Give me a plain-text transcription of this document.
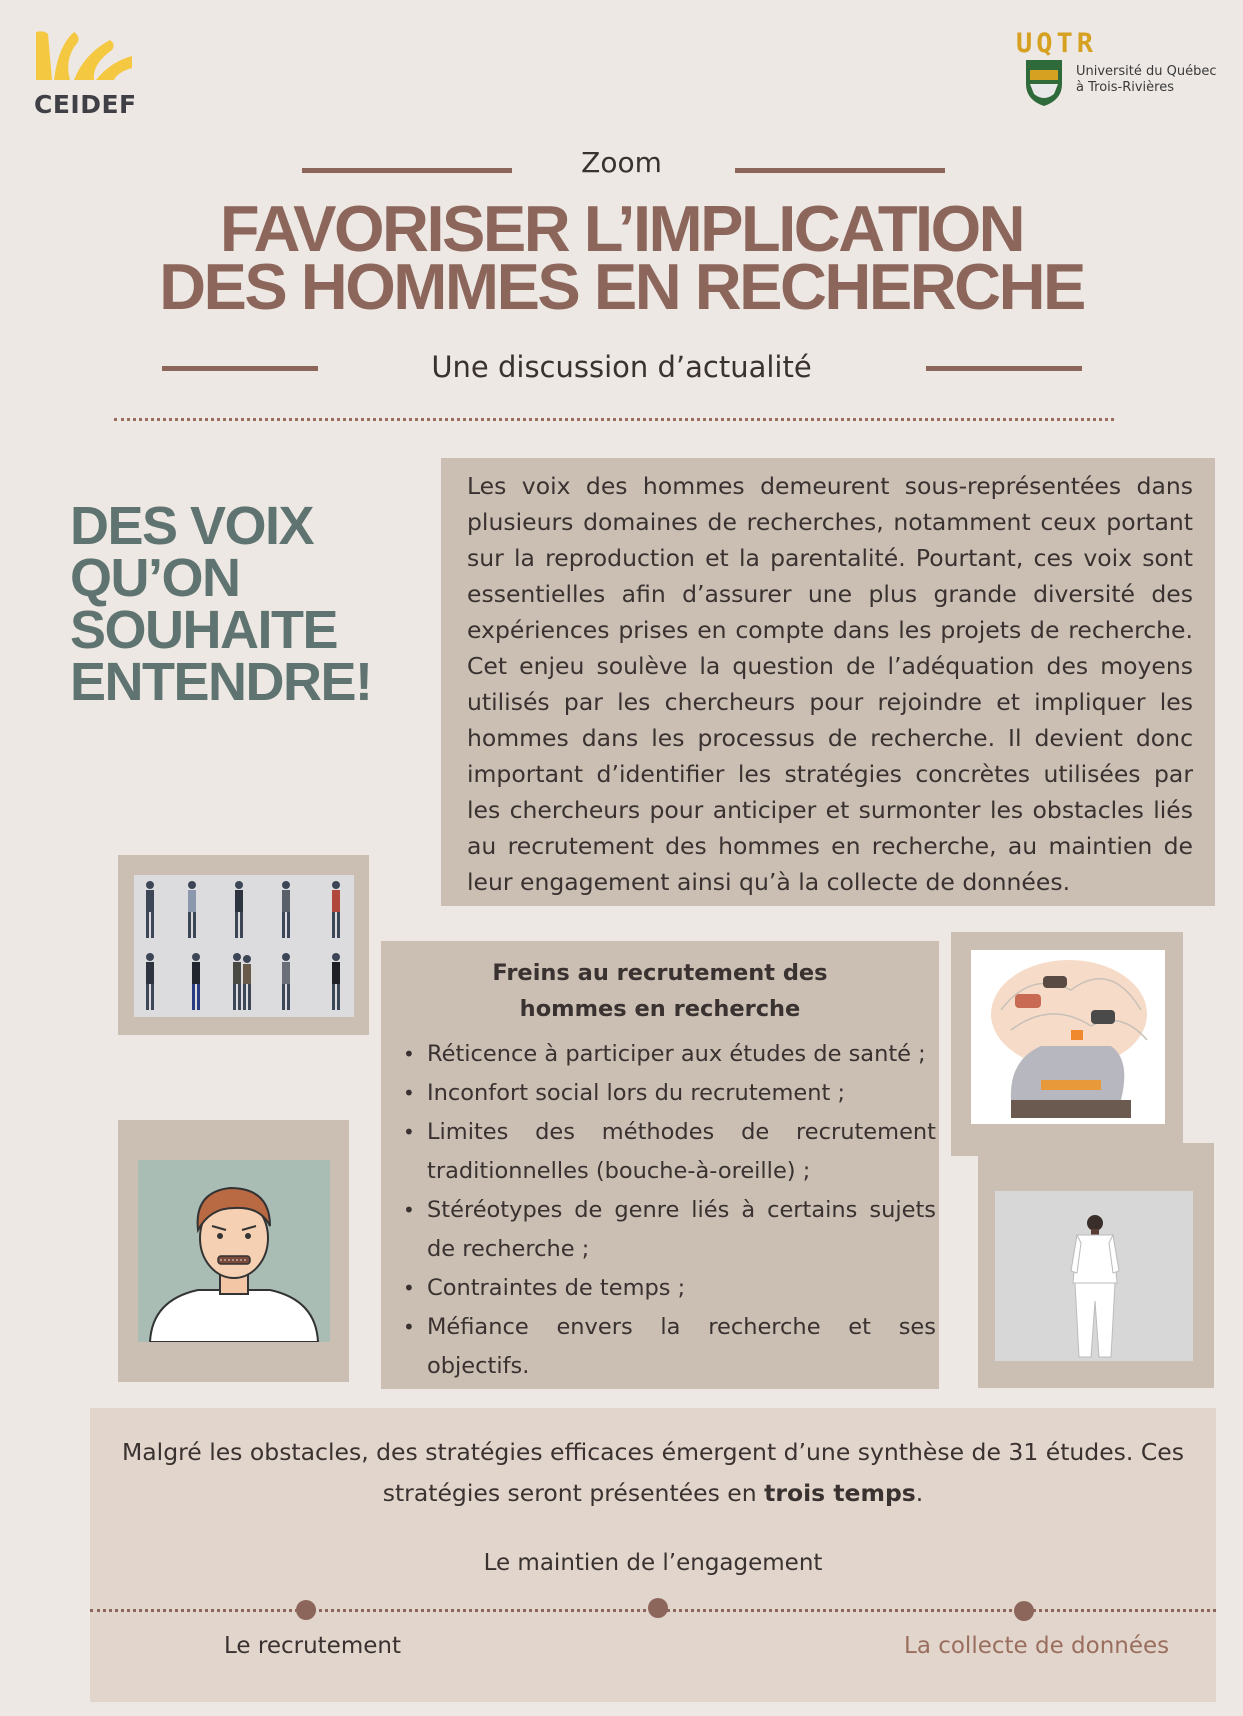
CEIDEF
UQTR
Université du Québec
à Trois-Rivières
Zoom
FAVORISER L’IMPLICATION
DES HOMMES EN RECHERCHE
Une discussion d’actualité
DES VOIX
QU’ON
SOUHAITE
ENTENDRE!

Les voix des hommes demeurent sous-représentées dans plusieurs domaines de recherches, notamment ceux portant sur la reproduction et la parentalité. Pourtant, ces voix sont essentielles afin d’assurer une plus grande diversité des expériences prises en compte dans les projets de recherche. Cet enjeu soulève la question de l’adéquation des moyens utilisés par les chercheurs pour rejoindre et impliquer les hommes dans les processus de recherche. Il devient donc important d’identifier les stratégies concrètes utilisées par les chercheurs pour anticiper et surmonter les obstacles liés au recrutement des hommes en recherche, au maintien de leur engagement ainsi qu’à la collecte de données.

Freins au recrutement des
hommes en recherche
• Réticence à participer aux études de santé ;
• Inconfort social lors du recrutement ;
• Limites des méthodes de recrutement traditionnelles (bouche-à-oreille) ;
• Stéréotypes de genre liés à certains sujets de recherche ;
• Contraintes de temps ;
• Méfiance envers la recherche et ses objectifs.

Malgré les obstacles, des stratégies efficaces émergent d’une synthèse de 31 études. Ces stratégies seront présentées en trois temps.

Le maintien de l’engagement
Le recrutement	La collecte de données
